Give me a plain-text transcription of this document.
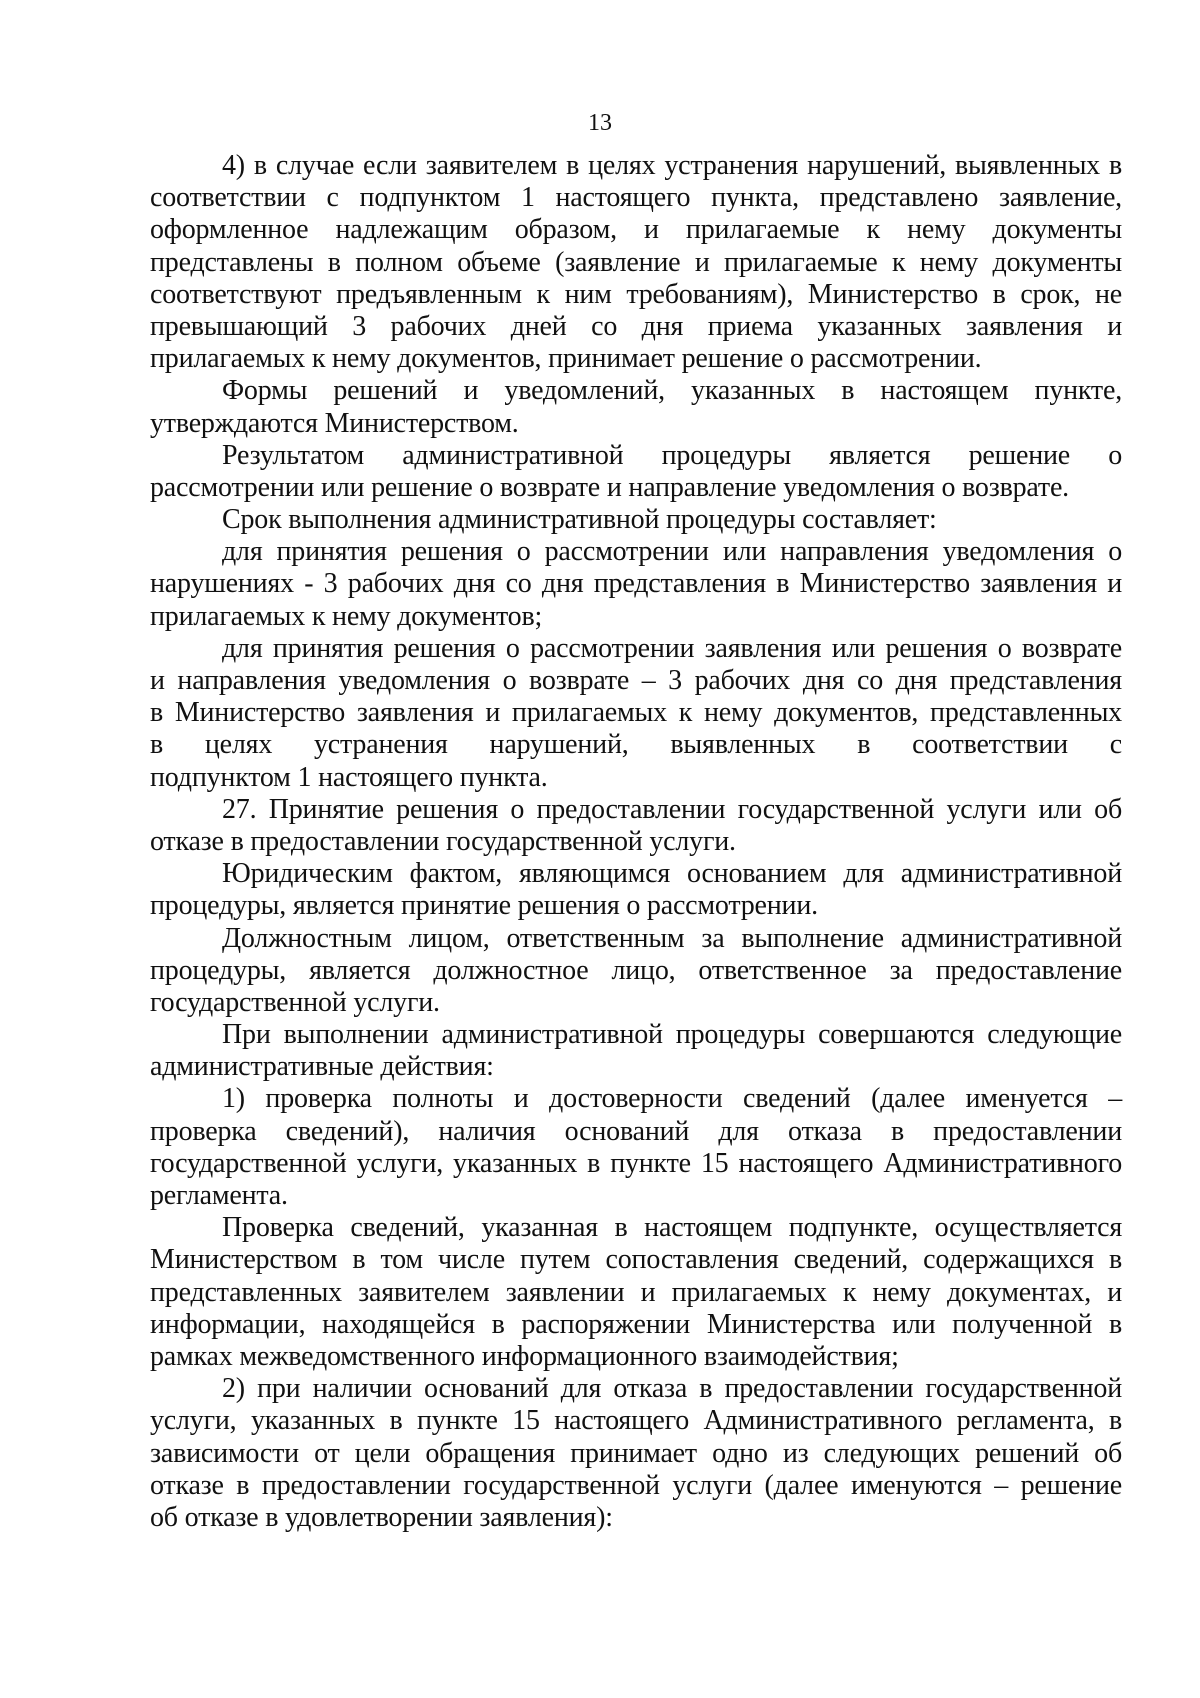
13
4) в случае если заявителем в целях устранения нарушений, выявленных в
соответствии с подпунктом 1 настоящего пункта, представлено заявление,
оформленное надлежащим образом, и прилагаемые к нему документы
представлены в полном объеме (заявление и прилагаемые к нему документы
соответствуют предъявленным к ним требованиям), Министерство в срок, не
превышающий 3 рабочих дней со дня приема указанных заявления и
прилагаемых к нему документов, принимает решение о рассмотрении.
Формы решений и уведомлений, указанных в настоящем пункте,
утверждаются Министерством.
Результатом административной процедуры является решение о
рассмотрении или решение о возврате и направление уведомления о возврате.
Срок выполнения административной процедуры составляет:
для принятия решения о рассмотрении или направления уведомления о
нарушениях - 3 рабочих дня со дня представления в Министерство заявления и
прилагаемых к нему документов;
для принятия решения о рассмотрении заявления или решения о возврате
и направления уведомления о возврате – 3 рабочих дня со дня представления
в Министерство заявления и прилагаемых к нему документов, представленных
в целях устранения нарушений, выявленных в соответствии с
подпунктом 1 настоящего пункта.
27. Принятие решения о предоставлении государственной услуги или об
отказе в предоставлении государственной услуги.
Юридическим фактом, являющимся основанием для административной
процедуры, является принятие решения о рассмотрении.
Должностным лицом, ответственным за выполнение административной
процедуры, является должностное лицо, ответственное за предоставление
государственной услуги.
При выполнении административной процедуры совершаются следующие
административные действия:
1) проверка полноты и достоверности сведений (далее именуется –
проверка сведений), наличия оснований для отказа в предоставлении
государственной услуги, указанных в пункте 15 настоящего Административного
регламента.
Проверка сведений, указанная в настоящем подпункте, осуществляется
Министерством в том числе путем сопоставления сведений, содержащихся в
представленных заявителем заявлении и прилагаемых к нему документах, и
информации, находящейся в распоряжении Министерства или полученной в
рамках межведомственного информационного взаимодействия;
2) при наличии оснований для отказа в предоставлении государственной
услуги, указанных в пункте 15 настоящего Административного регламента, в
зависимости от цели обращения принимает одно из следующих решений об
отказе в предоставлении государственной услуги (далее именуются – решение
об отказе в удовлетворении заявления):
